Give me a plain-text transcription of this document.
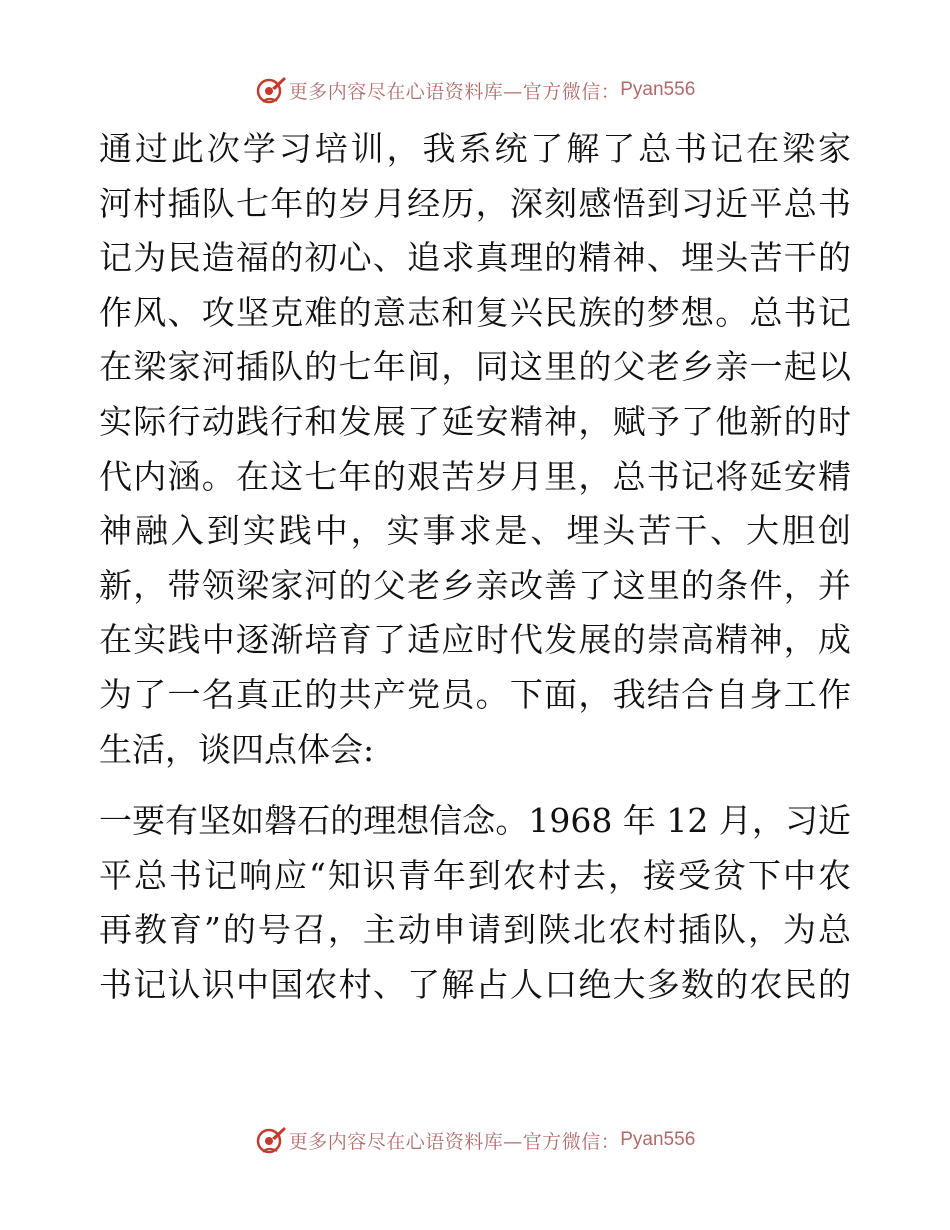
更多内容尽在心语资料库—官方微信： Pyan556
通过此次学习培训，我系统了解了总书记在梁家
河村插队七年的岁月经历，深刻感悟到习近平总书
记为民造福的初心、追求真理的精神、埋头苦干的
作风、攻坚克难的意志和复兴民族的梦想。总书记
在梁家河插队的七年间，同这里的父老乡亲一起以
实际行动践行和发展了延安精神，赋予了他新的时
代内涵。在这七年的艰苦岁月里，总书记将延安精
神融入到实践中，实事求是、埋头苦干、大胆创
新，带领梁家河的父老乡亲改善了这里的条件，并
在实践中逐渐培育了适应时代发展的崇高精神，成
为了一名真正的共产党员。下面，我结合自身工作
生活，谈四点体会:
一要有坚如磐石的理想信念。1968 年 12 月，习近
平总书记响应“知识青年到农村去，接受贫下中农
再教育”的号召，主动申请到陕北农村插队，为总
书记认识中国农村、了解占人口绝大多数的农民的
更多内容尽在心语资料库—官方微信： Pyan556
